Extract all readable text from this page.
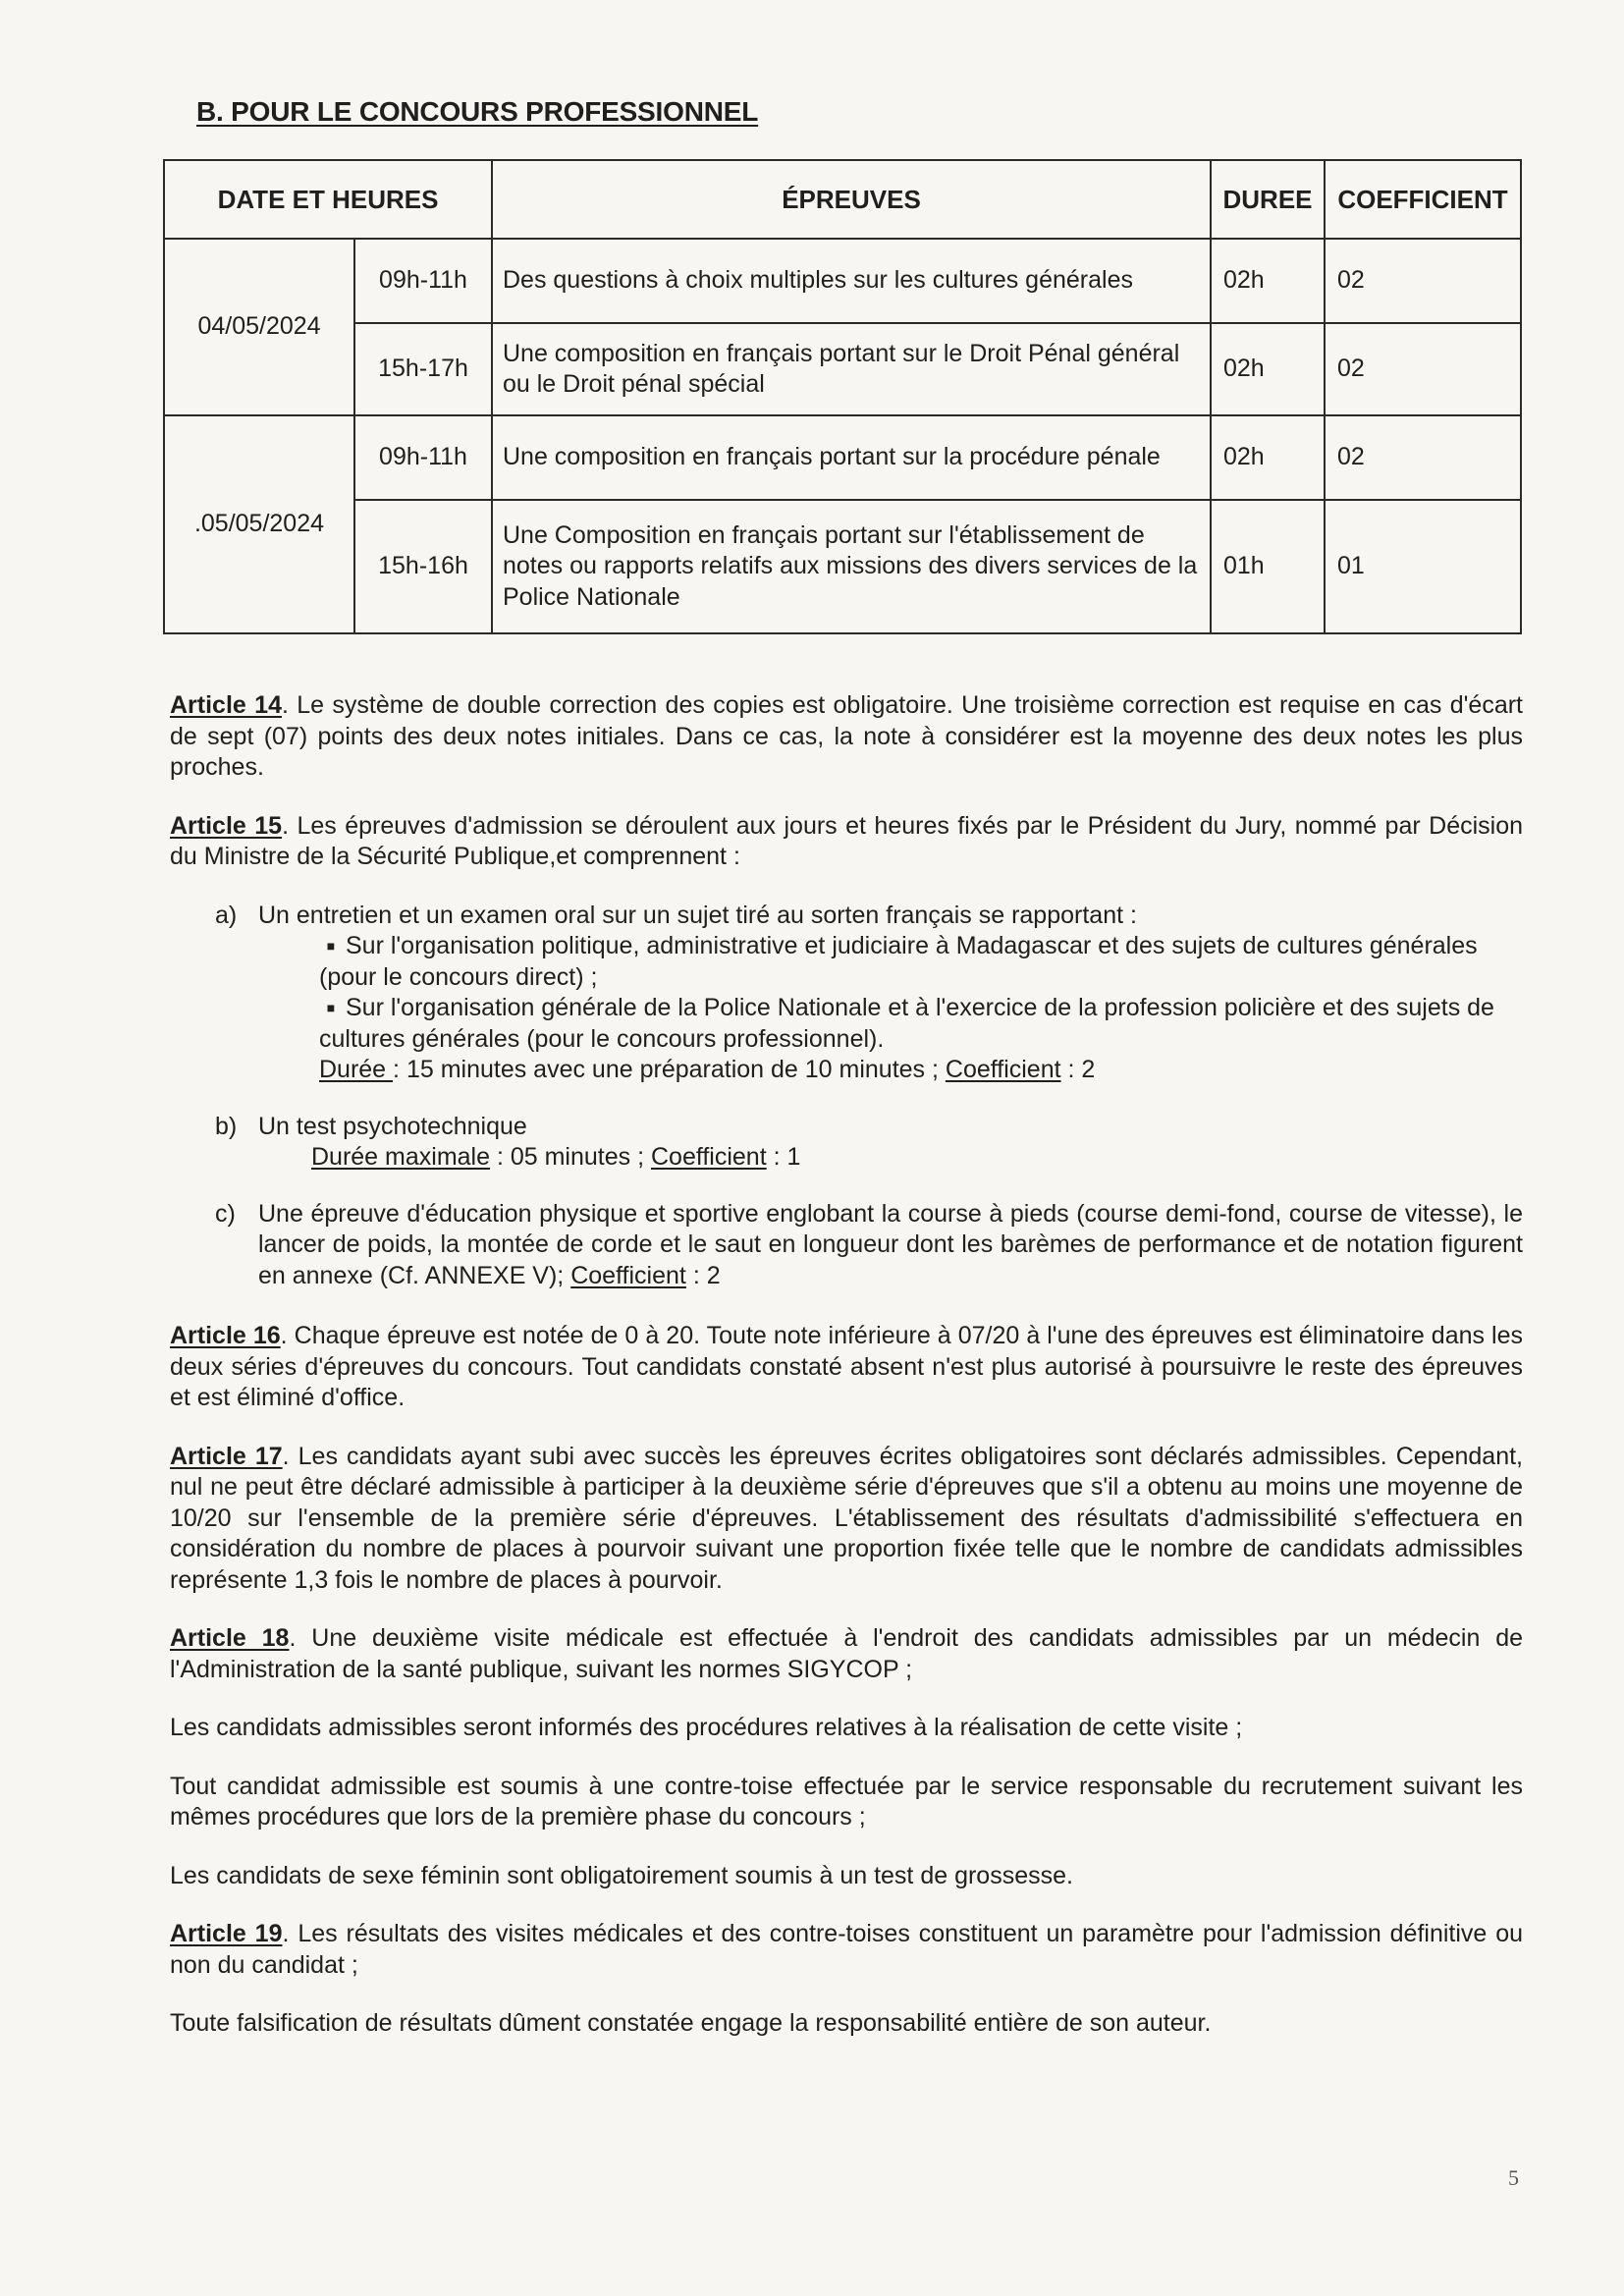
B. POUR LE CONCOURS PROFESSIONNEL
DATE ET HEURES		ÉPREUVES	DUREE	COEFFICIENT
04/05/2024	09h-11h	Des questions à choix multiples sur les cultures générales	02h	02
	15h-17h	Une composition en français portant sur le Droit Pénal général ou le Droit pénal spécial	02h	02
.05/05/2024	09h-11h	Une composition en français portant sur la procédure pénale	02h	02
	15h-16h	Une Composition en français portant sur l'établissement de notes ou rapports relatifs aux missions des divers services de la Police Nationale	01h	01

Article 14. Le système de double correction des copies est obligatoire. Une troisième correction est requise en cas d'écart de sept (07) points des deux notes initiales. Dans ce cas, la note à considérer est la moyenne des deux notes les plus proches.

Article 15. Les épreuves d'admission se déroulent aux jours et heures fixés par le Président du Jury, nommé par Décision du Ministre de la Sécurité Publique,et comprennent :

a) Un entretien et un examen oral sur un sujet tiré au sorten français se rapportant :
■ Sur l'organisation politique, administrative et judiciaire à Madagascar et des sujets de cultures générales
(pour le concours direct) ;
■ Sur l'organisation générale de la Police Nationale et à l'exercice de la profession policière et des sujets de
cultures générales (pour le concours professionnel).
Durée : 15 minutes avec une préparation de 10 minutes ; Coefficient : 2
b) Un test psychotechnique
Durée maximale : 05 minutes ; Coefficient : 1
c) Une épreuve d'éducation physique et sportive englobant la course à pieds (course demi-fond, course de vitesse), le lancer de poids, la montée de corde et le saut en longueur dont les barèmes de performance et de notation figurent en annexe (Cf. ANNEXE V); Coefficient : 2

Article 16. Chaque épreuve est notée de 0 à 20. Toute note inférieure à 07/20 à l'une des épreuves est éliminatoire dans les deux séries d'épreuves du concours. Tout candidats constaté absent n'est plus autorisé à poursuivre le reste des épreuves et est éliminé d'office.

Article 17. Les candidats ayant subi avec succès les épreuves écrites obligatoires sont déclarés admissibles. Cependant, nul ne peut être déclaré admissible à participer à la deuxième série d'épreuves que s'il a obtenu au moins une moyenne de 10/20 sur l'ensemble de la première série d'épreuves. L'établissement des résultats d'admissibilité s'effectuera en considération du nombre de places à pourvoir suivant une proportion fixée telle que le nombre de candidats admissibles représente 1,3 fois le nombre de places à pourvoir.

Article 18. Une deuxième visite médicale est effectuée à l'endroit des candidats admissibles par un médecin de l'Administration de la santé publique, suivant les normes SIGYCOP ;

Les candidats admissibles seront informés des procédures relatives à la réalisation de cette visite ;

Tout candidat admissible est soumis à une contre-toise effectuée par le service responsable du recrutement suivant les mêmes procédures que lors de la première phase du concours ;

Les candidats de sexe féminin sont obligatoirement soumis à un test de grossesse.

Article 19. Les résultats des visites médicales et des contre-toises constituent un paramètre pour l'admission définitive ou non du candidat ;

Toute falsification de résultats dûment constatée engage la responsabilité entière de son auteur.

5
